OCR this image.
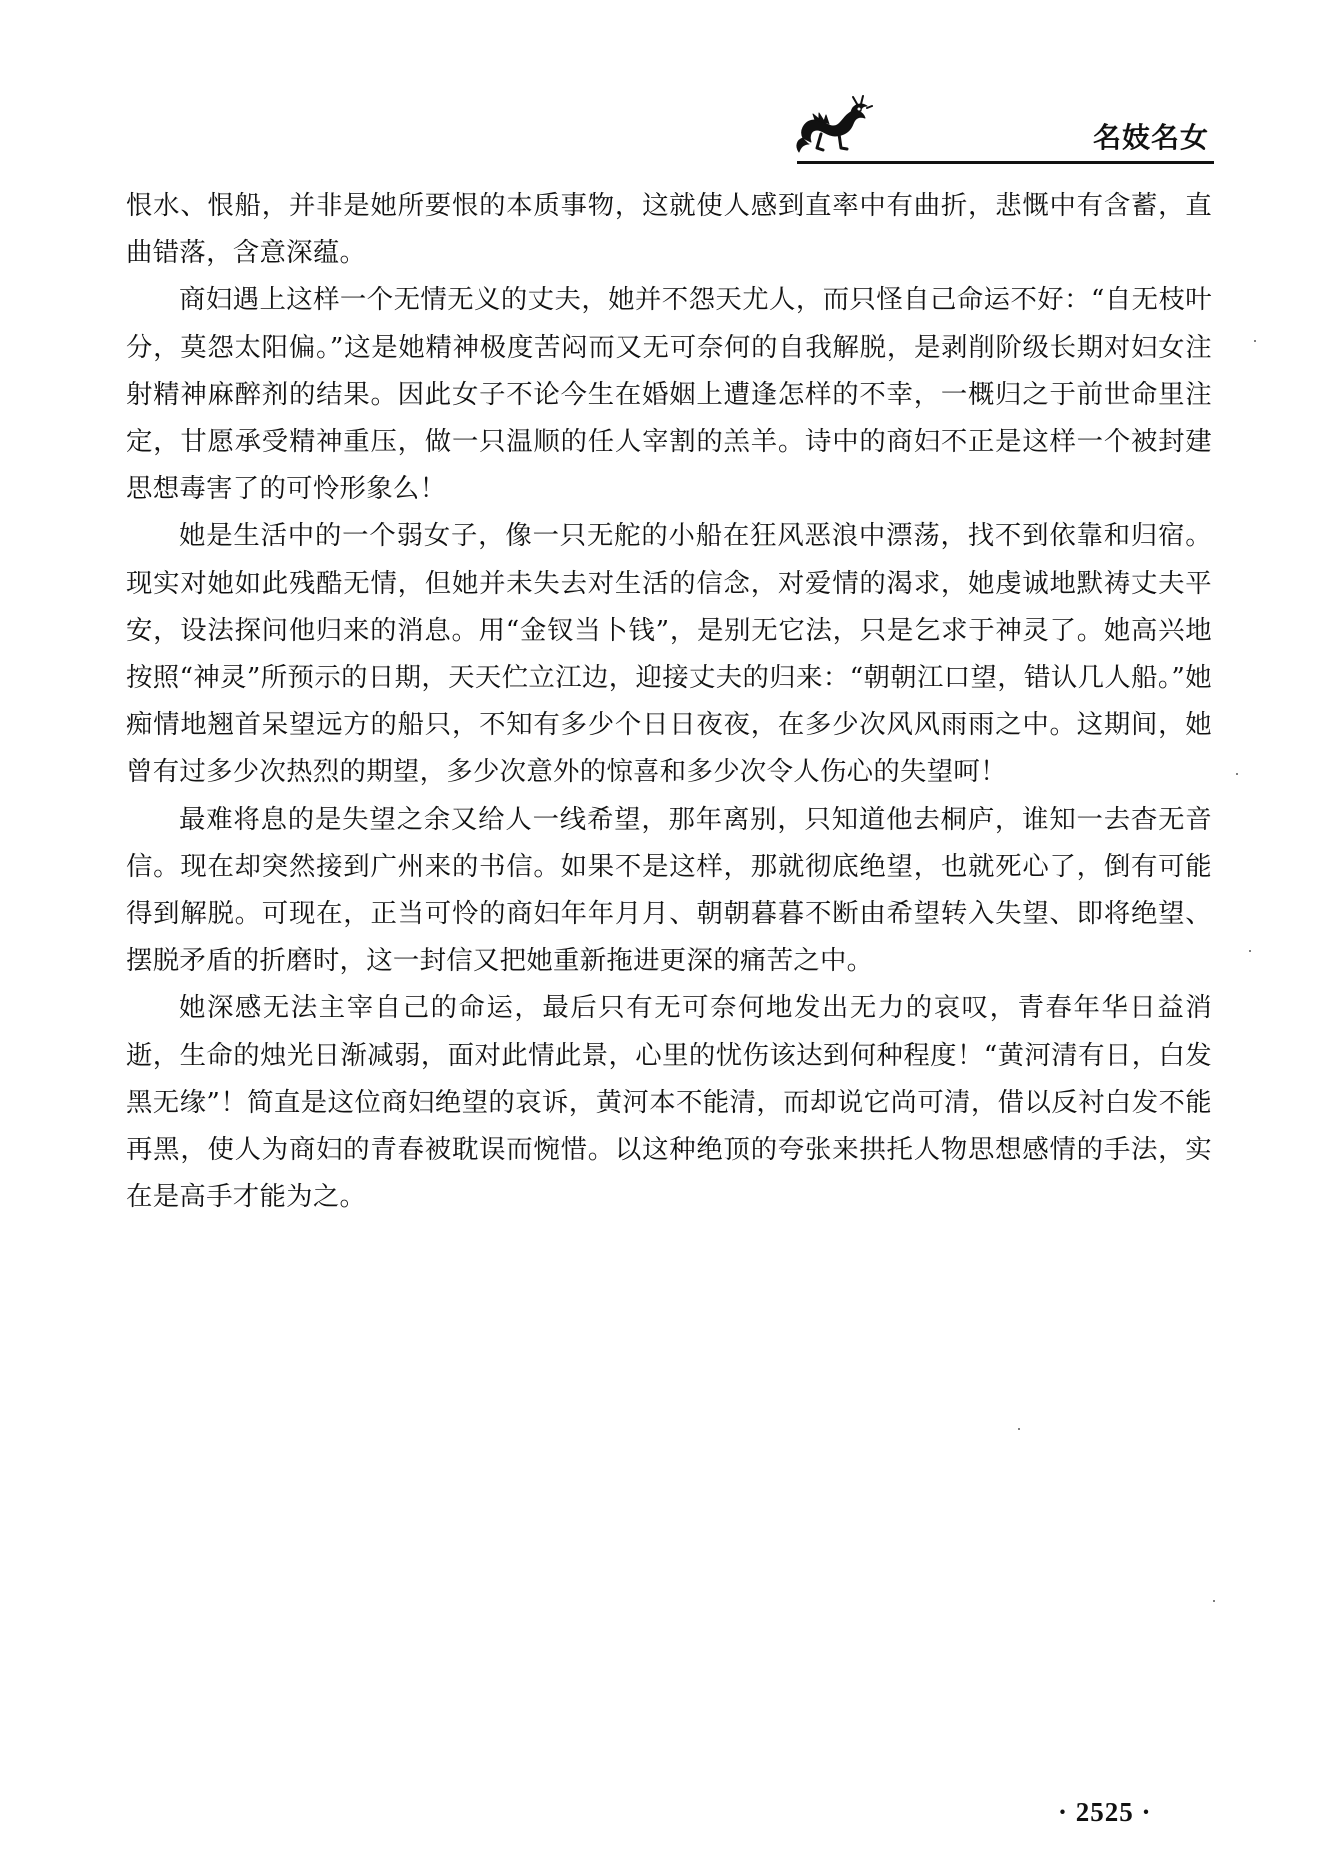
名妓名女

恨水、恨船，并非是她所要恨的本质事物，这就使人感到直率中有曲折，悲慨中有含蓄，直曲错落，含意深蕴。

商妇遇上这样一个无情无义的丈夫，她并不怨天尤人，而只怪自己命运不好：“自无枝叶分，莫怨太阳偏。”这是她精神极度苦闷而又无可奈何的自我解脱，是剥削阶级长期对妇女注射精神麻醉剂的结果。因此女子不论今生在婚姻上遭逢怎样的不幸，一概归之于前世命里注定，甘愿承受精神重压，做一只温顺的任人宰割的羔羊。诗中的商妇不正是这样一个被封建思想毒害了的可怜形象么！

她是生活中的一个弱女子，像一只无舵的小船在狂风恶浪中漂荡，找不到依靠和归宿。现实对她如此残酷无情，但她并未失去对生活的信念，对爱情的渴求，她虔诚地默祷丈夫平安，设法探问他归来的消息。用“金钗当卜钱”，是别无它法，只是乞求于神灵了。她高兴地按照“神灵”所预示的日期，天天伫立江边，迎接丈夫的归来：“朝朝江口望，错认几人船。”她痴情地翘首呆望远方的船只，不知有多少个日日夜夜，在多少次风风雨雨之中。这期间，她曾有过多少次热烈的期望，多少次意外的惊喜和多少次令人伤心的失望呵！

最难将息的是失望之余又给人一线希望，那年离别，只知道他去桐庐，谁知一去杳无音信。现在却突然接到广州来的书信。如果不是这样，那就彻底绝望，也就死心了，倒有可能得到解脱。可现在，正当可怜的商妇年年月月、朝朝暮暮不断由希望转入失望、即将绝望、摆脱矛盾的折磨时，这一封信又把她重新拖进更深的痛苦之中。

她深感无法主宰自己的命运，最后只有无可奈何地发出无力的哀叹，青春年华日益消逝，生命的烛光日渐减弱，面对此情此景，心里的忧伤该达到何种程度！“黄河清有日，白发黑无缘”！简直是这位商妇绝望的哀诉，黄河本不能清，而却说它尚可清，借以反衬白发不能再黑，使人为商妇的青春被耽误而惋惜。以这种绝顶的夸张来拱托人物思想感情的手法，实在是高手才能为之。

· 2525 ·
